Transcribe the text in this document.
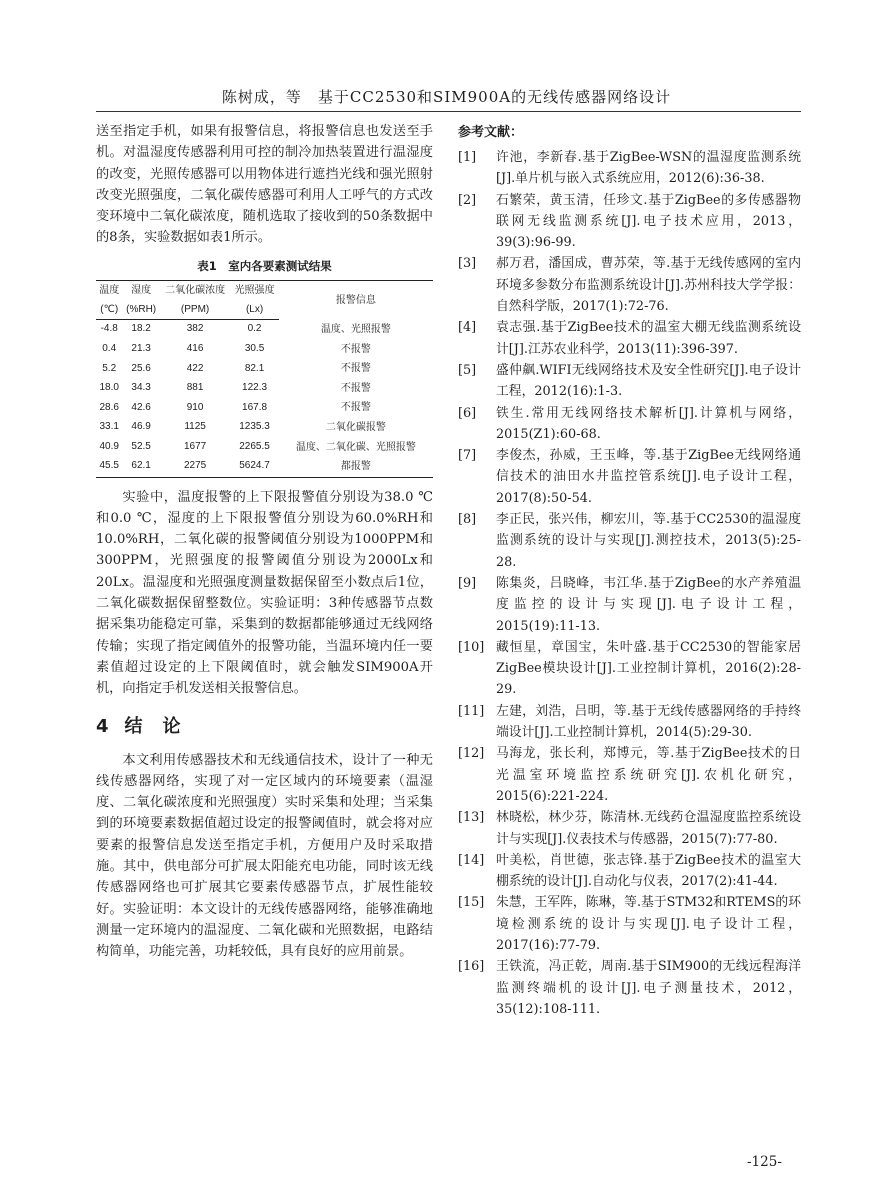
陈树成，等　基于CC2530和SIM900A的无线传感器网络设计

送至指定手机，如果有报警信息，将报警信息也发送至手机。对温湿度传感器利用可控的制冷加热装置进行温湿度的改变，光照传感器可以用物体进行遮挡光线和强光照射改变光照强度，二氧化碳传感器可利用人工呼气的方式改变环境中二氧化碳浓度，随机选取了接收到的50条数据中的8条，实验数据如表1所示。

表1　室内各要素测试结果
温度	湿度	二氧化碳浓度	光照强度	报警信息
(℃)	(%RH)	(PPM)	(Lx)	
-4.8	18.2	382	0.2	温度、光照报警
0.4	21.3	416	30.5	不报警
5.2	25.6	422	82.1	不报警
18.0	34.3	881	122.3	不报警
28.6	42.6	910	167.8	不报警
33.1	46.9	1125	1235.3	二氧化碳报警
40.9	52.5	1677	2265.5	温度、二氧化碳、光照报警
45.5	62.1	2275	5624.7	都报警

实验中，温度报警的上下限报警值分别设为38.0 ℃和0.0 ℃，湿度的上下限报警值分别设为60.0%RH和10.0%RH，二氧化碳的报警阈值分别设为1000PPM和300PPM，光照强度的报警阈值分别设为2000Lx和20Lx。温湿度和光照强度测量数据保留至小数点后1位，二氧化碳数据保留整数位。实验证明：3种传感器节点数据采集功能稳定可靠，采集到的数据都能够通过无线网络传输；实现了指定阈值外的报警功能，当温环境内任一要素值超过设定的上下限阈值时，就会触发SIM900A开机，向指定手机发送相关报警信息。

4 结论

本文利用传感器技术和无线通信技术，设计了一种无线传感器网络，实现了对一定区域内的环境要素（温湿度、二氧化碳浓度和光照强度）实时采集和处理；当采集到的环境要素数据值超过设定的报警阈值时，就会将对应要素的报警信息发送至指定手机，方便用户及时采取措施。其中，供电部分可扩展太阳能充电功能，同时该无线传感器网络也可扩展其它要素传感器节点，扩展性能较好。实验证明：本文设计的无线传感器网络，能够准确地测量一定环境内的温湿度、二氧化碳和光照数据，电路结构简单，功能完善，功耗较低，具有良好的应用前景。

参考文献：
[1] 许池，李新春.基于ZigBee-WSN的温湿度监测系统[J].单片机与嵌入式系统应用，2012(6):36-38.
[2] 石繁荣，黄玉清，任珍文.基于ZigBee的多传感器物联网无线监测系统[J].电子技术应用，2013，39(3):96-99.
[3] 郝万君，潘国成，曹苏荣，等.基于无线传感网的室内环境多参数分布监测系统设计[J].苏州科技大学学报：自然科学版，2017(1):72-76.
[4] 袁志强.基于ZigBee技术的温室大棚无线监测系统设计[J].江苏农业科学，2013(11):396-397.
[5] 盛仲飙.WIFI无线网络技术及安全性研究[J].电子设计工程，2012(16):1-3.
[6] 铁生.常用无线网络技术解析[J].计算机与网络，2015(Z1):60-68.
[7] 李俊杰，孙威，王玉峰，等.基于ZigBee无线网络通信技术的油田水井监控管系统[J].电子设计工程，2017(8):50-54.
[8] 李正民，张兴伟，柳宏川，等.基于CC2530的温湿度监测系统的设计与实现[J].测控技术，2013(5):25-28.
[9] 陈集炎，吕晓峰，韦江华.基于ZigBee的水产养殖温度监控的设计与实现[J].电子设计工程，2015(19):11-13.
[10] 藏恒星，章国宝，朱叶盛.基于CC2530的智能家居ZigBee模块设计[J].工业控制计算机，2016(2):28-29.
[11] 左建，刘浩，吕明，等.基于无线传感器网络的手持终端设计[J].工业控制计算机，2014(5):29-30.
[12] 马海龙，张长利，郑博元，等.基于ZigBee技术的日光温室环境监控系统研究[J].农机化研究，2015(6):221-224.
[13] 林晓松，林少芬，陈清林.无线药仓温湿度监控系统设计与实现[J].仪表技术与传感器，2015(7):77-80.
[14] 叶美松，肖世德，张志锋.基于ZigBee技术的温室大棚系统的设计[J].自动化与仪表，2017(2):41-44.
[15] 朱慧，王军阵，陈琳，等.基于STM32和RTEMS的环境检测系统的设计与实现[J].电子设计工程，2017(16):77-79.
[16] 王铁流，冯正乾，周南.基于SIM900的无线远程海洋监测终端机的设计[J].电子测量技术，2012，35(12):108-111.
-125-
